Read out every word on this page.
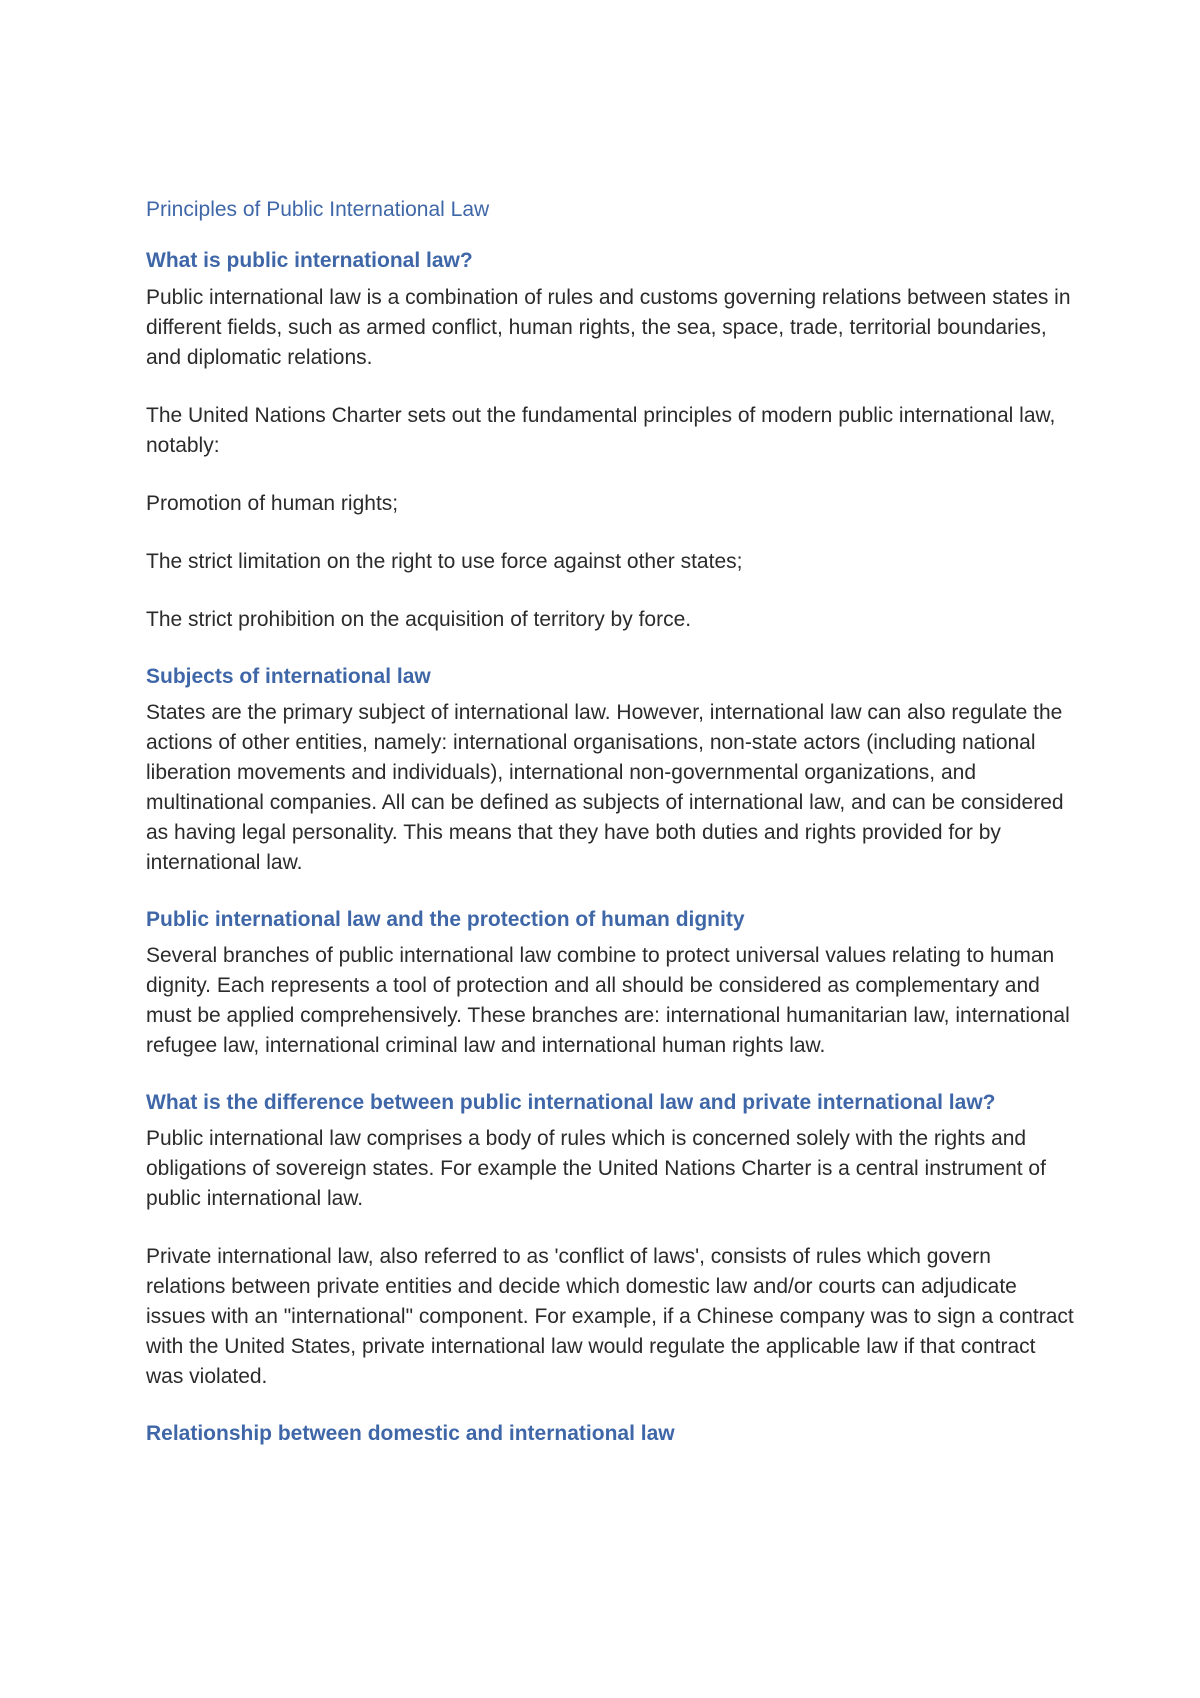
Principles of Public International Law
What is public international law?

Public international law is a combination of rules and customs governing relations between states in different fields, such as armed conflict, human rights, the sea, space, trade, territorial boundaries, and diplomatic relations.

The United Nations Charter sets out the fundamental principles of modern public international law, notably:

Promotion of human rights;

The strict limitation on the right to use force against other states;

The strict prohibition on the acquisition of territory by force.

Subjects of international law

States are the primary subject of international law. However, international law can also regulate the actions of other entities, namely: international organisations, non-state actors (including national liberation movements and individuals), international non-governmental organizations, and multinational companies. All can be defined as subjects of international law, and can be considered as having legal personality. This means that they have both duties and rights provided for by international law.

Public international law and the protection of human dignity

Several branches of public international law combine to protect universal values relating to human dignity. Each represents a tool of protection and all should be considered as complementary and must be applied comprehensively. These branches are: international humanitarian law, international refugee law, international criminal law and international human rights law.

What is the difference between public international law and private international law?

Public international law comprises a body of rules which is concerned solely with the rights and obligations of sovereign states. For example the United Nations Charter is a central instrument of public international law.

Private international law, also referred to as 'conflict of laws', consists of rules which govern relations between private entities and decide which domestic law and/or courts can adjudicate issues with an "international" component. For example, if a Chinese company was to sign a contract with the United States, private international law would regulate the applicable law if that contract was violated.

Relationship between domestic and international law
